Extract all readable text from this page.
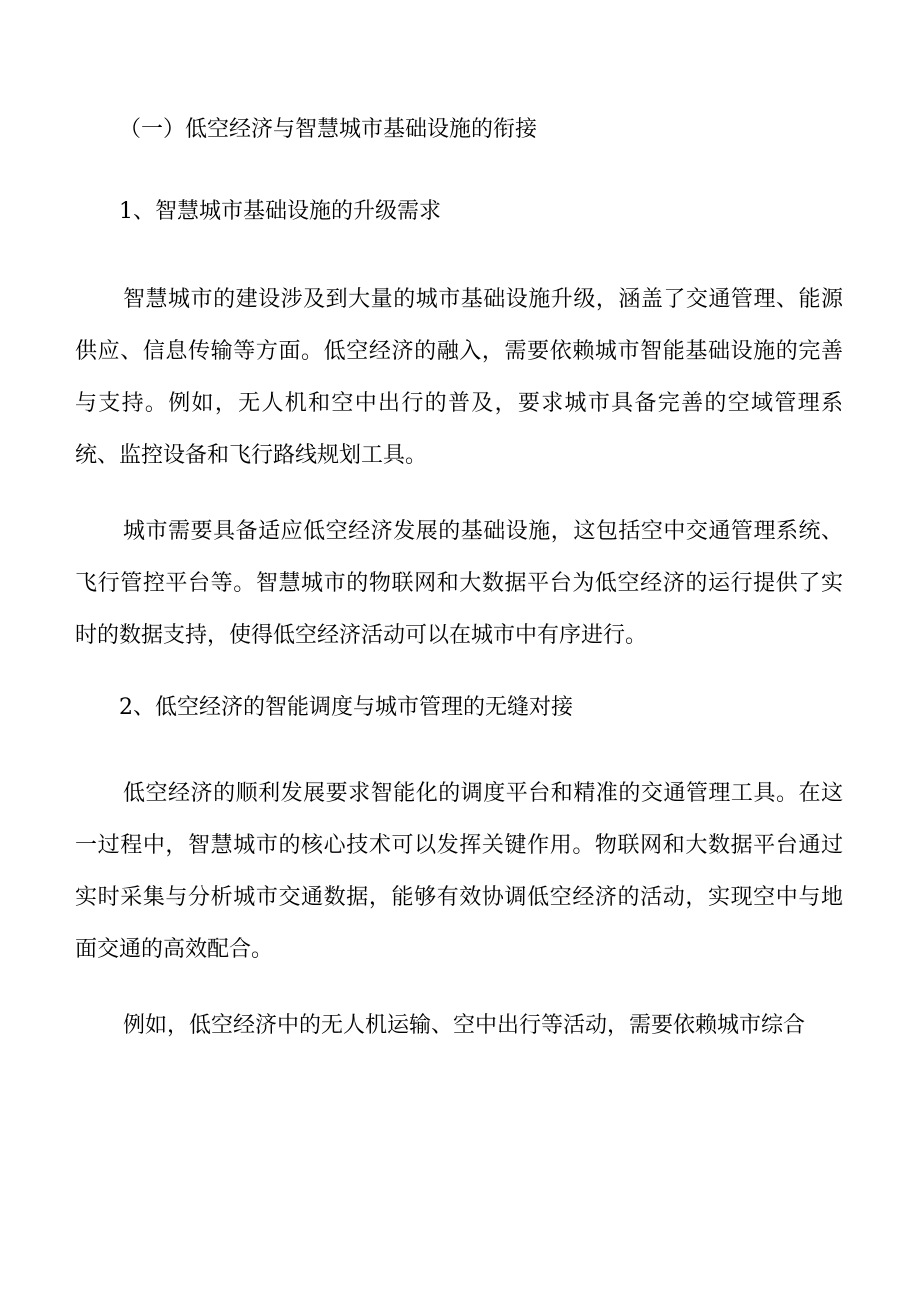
（一）低空经济与智慧城市基础设施的衔接
1、智慧城市基础设施的升级需求

智慧城市的建设涉及到大量的城市基础设施升级，涵盖了交通管理、能源供应、信息传输等方面。低空经济的融入，需要依赖城市智能基础设施的完善与支持。例如，无人机和空中出行的普及，要求城市具备完善的空域管理系统、监控设备和飞行路线规划工具。

城市需要具备适应低空经济发展的基础设施，这包括空中交通管理系统、飞行管控平台等。智慧城市的物联网和大数据平台为低空经济的运行提供了实时的数据支持，使得低空经济活动可以在城市中有序进行。

2、低空经济的智能调度与城市管理的无缝对接

低空经济的顺利发展要求智能化的调度平台和精准的交通管理工具。在这一过程中，智慧城市的核心技术可以发挥关键作用。物联网和大数据平台通过实时采集与分析城市交通数据，能够有效协调低空经济的活动，实现空中与地面交通的高效配合。

例如，低空经济中的无人机运输、空中出行等活动，需要依赖城市综合
